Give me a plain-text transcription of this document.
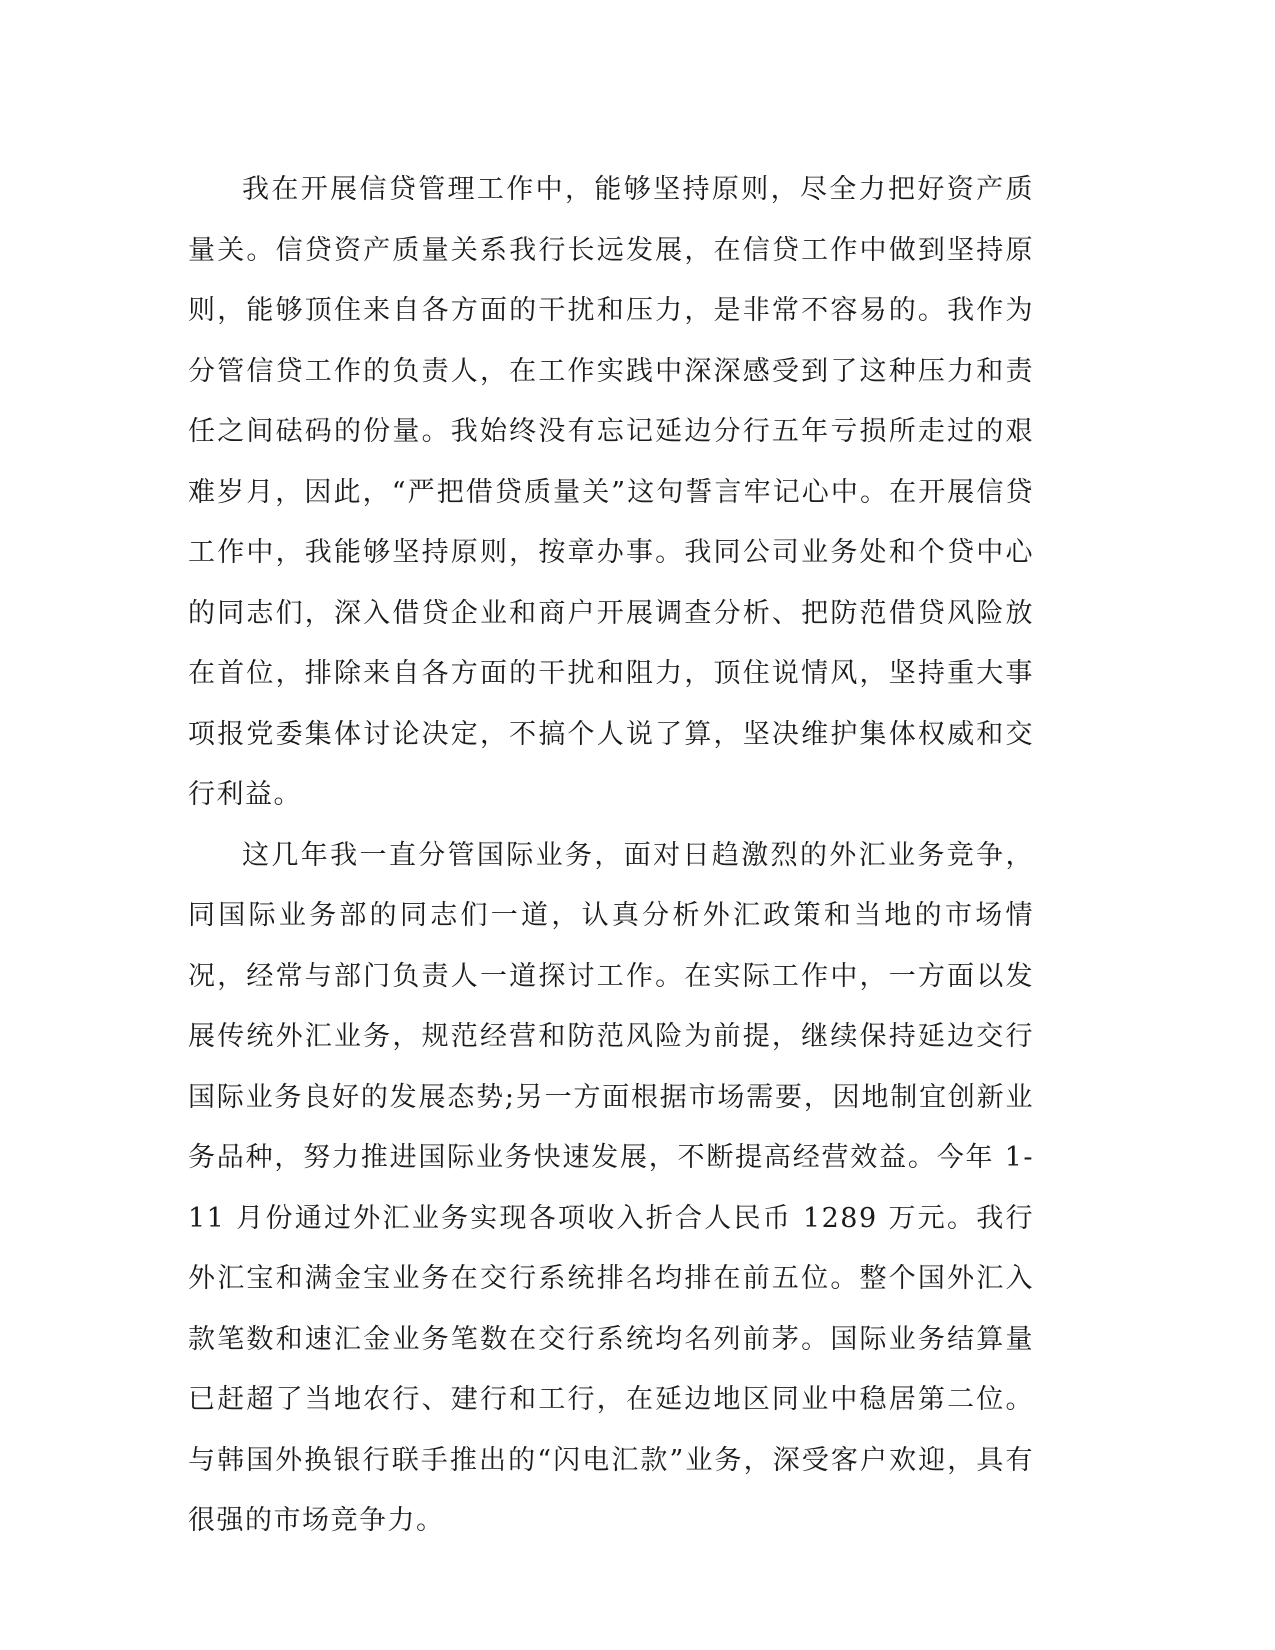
我在开展信贷管理工作中，能够坚持原则，尽全力把好资产质量关。信贷资产质量关系我行长远发展，在信贷工作中做到坚持原则，能够顶住来自各方面的干扰和压力，是非常不容易的。我作为分管信贷工作的负责人，在工作实践中深深感受到了这种压力和责任之间砝码的份量。我始终没有忘记延边分行五年亏损所走过的艰难岁月，因此，“严把借贷质量关”这句誓言牢记心中。在开展信贷工作中，我能够坚持原则，按章办事。我同公司业务处和个贷中心的同志们，深入借贷企业和商户开展调查分析、把防范借贷风险放在首位，排除来自各方面的干扰和阻力，顶住说情风，坚持重大事项报党委集体讨论决定，不搞个人说了算，坚决维护集体权威和交行利益。

这几年我一直分管国际业务，面对日趋激烈的外汇业务竞争，同国际业务部的同志们一道，认真分析外汇政策和当地的市场情况，经常与部门负责人一道探讨工作。在实际工作中，一方面以发展传统外汇业务，规范经营和防范风险为前提，继续保持延边交行国际业务良好的发展态势;另一方面根据市场需要，因地制宜创新业务品种，努力推进国际业务快速发展，不断提高经营效益。今年 1-11 月份通过外汇业务实现各项收入折合人民币 1289 万元。我行外汇宝和满金宝业务在交行系统排名均排在前五位。整个国外汇入款笔数和速汇金业务笔数在交行系统均名列前茅。国际业务结算量已赶超了当地农行、建行和工行，在延边地区同业中稳居第二位。与韩国外换银行联手推出的“闪电汇款”业务，深受客户欢迎，具有很强的市场竞争力。
